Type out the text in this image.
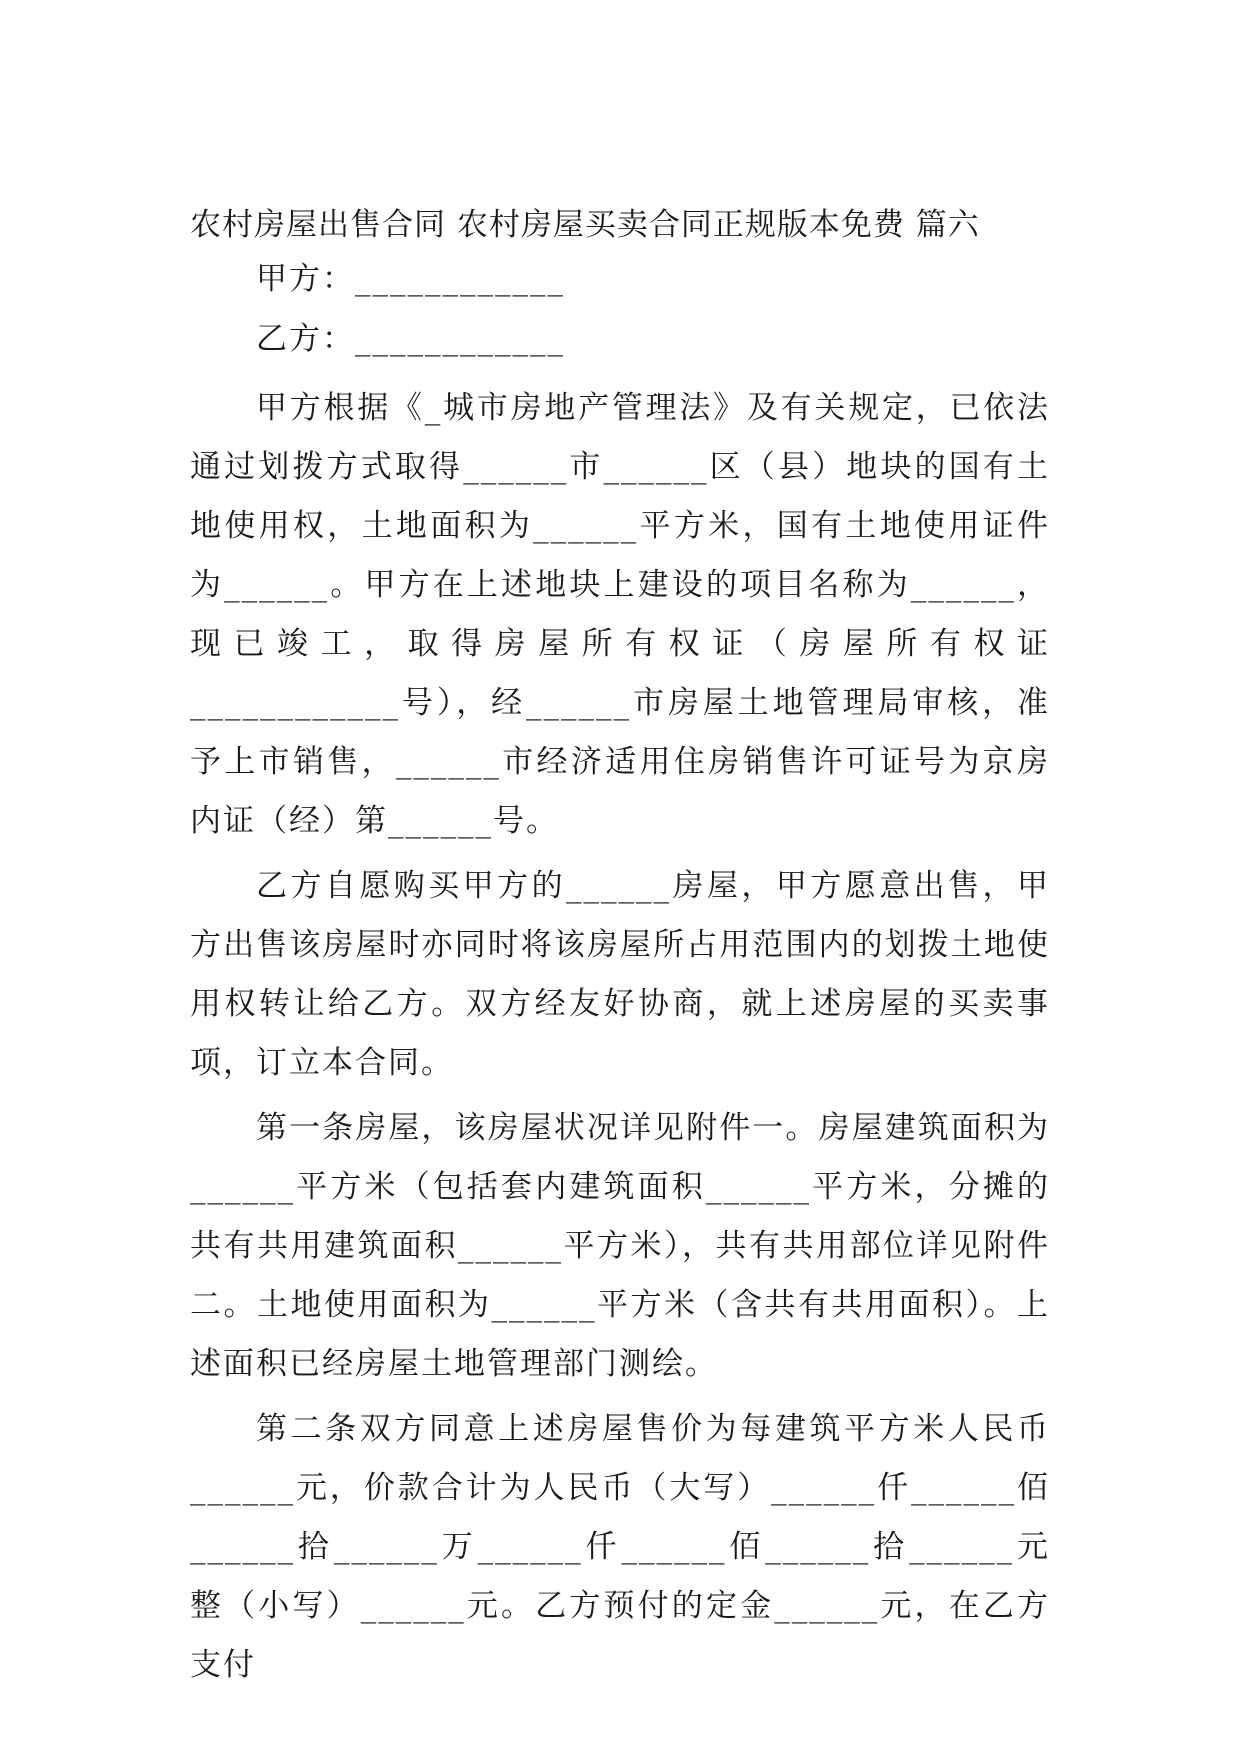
农村房屋出售合同 农村房屋买卖合同正规版本免费 篇六
甲方：____________
乙方：____________

甲方根据《_城市房地产管理法》及有关规定，已依法通过划拨方式取得______市______区（县）地块的国有土地使用权，土地面积为______平方米，国有土地使用证件为______。甲方在上述地块上建设的项目名称为______，现已竣工，取得房屋所有权证（房屋所有权证____________号），经______市房屋土地管理局审核，准予上市销售，______市经济适用住房销售许可证号为京房内证（经）第______号。

乙方自愿购买甲方的______房屋，甲方愿意出售，甲方出售该房屋时亦同时将该房屋所占用范围内的划拨土地使用权转让给乙方。双方经友好协商，就上述房屋的买卖事项，订立本合同。

第一条房屋，该房屋状况详见附件一。房屋建筑面积为______平方米（包括套内建筑面积______平方米，分摊的共有共用建筑面积______平方米），共有共用部位详见附件二。土地使用面积为______平方米（含共有共用面积）。上述面积已经房屋土地管理部门测绘。

第二条双方同意上述房屋售价为每建筑平方米人民币______元，价款合计为人民币（大写）______仟______佰______拾______万______仟______佰______拾______元整（小写）______元。乙方预付的定金______元，在乙方支付
